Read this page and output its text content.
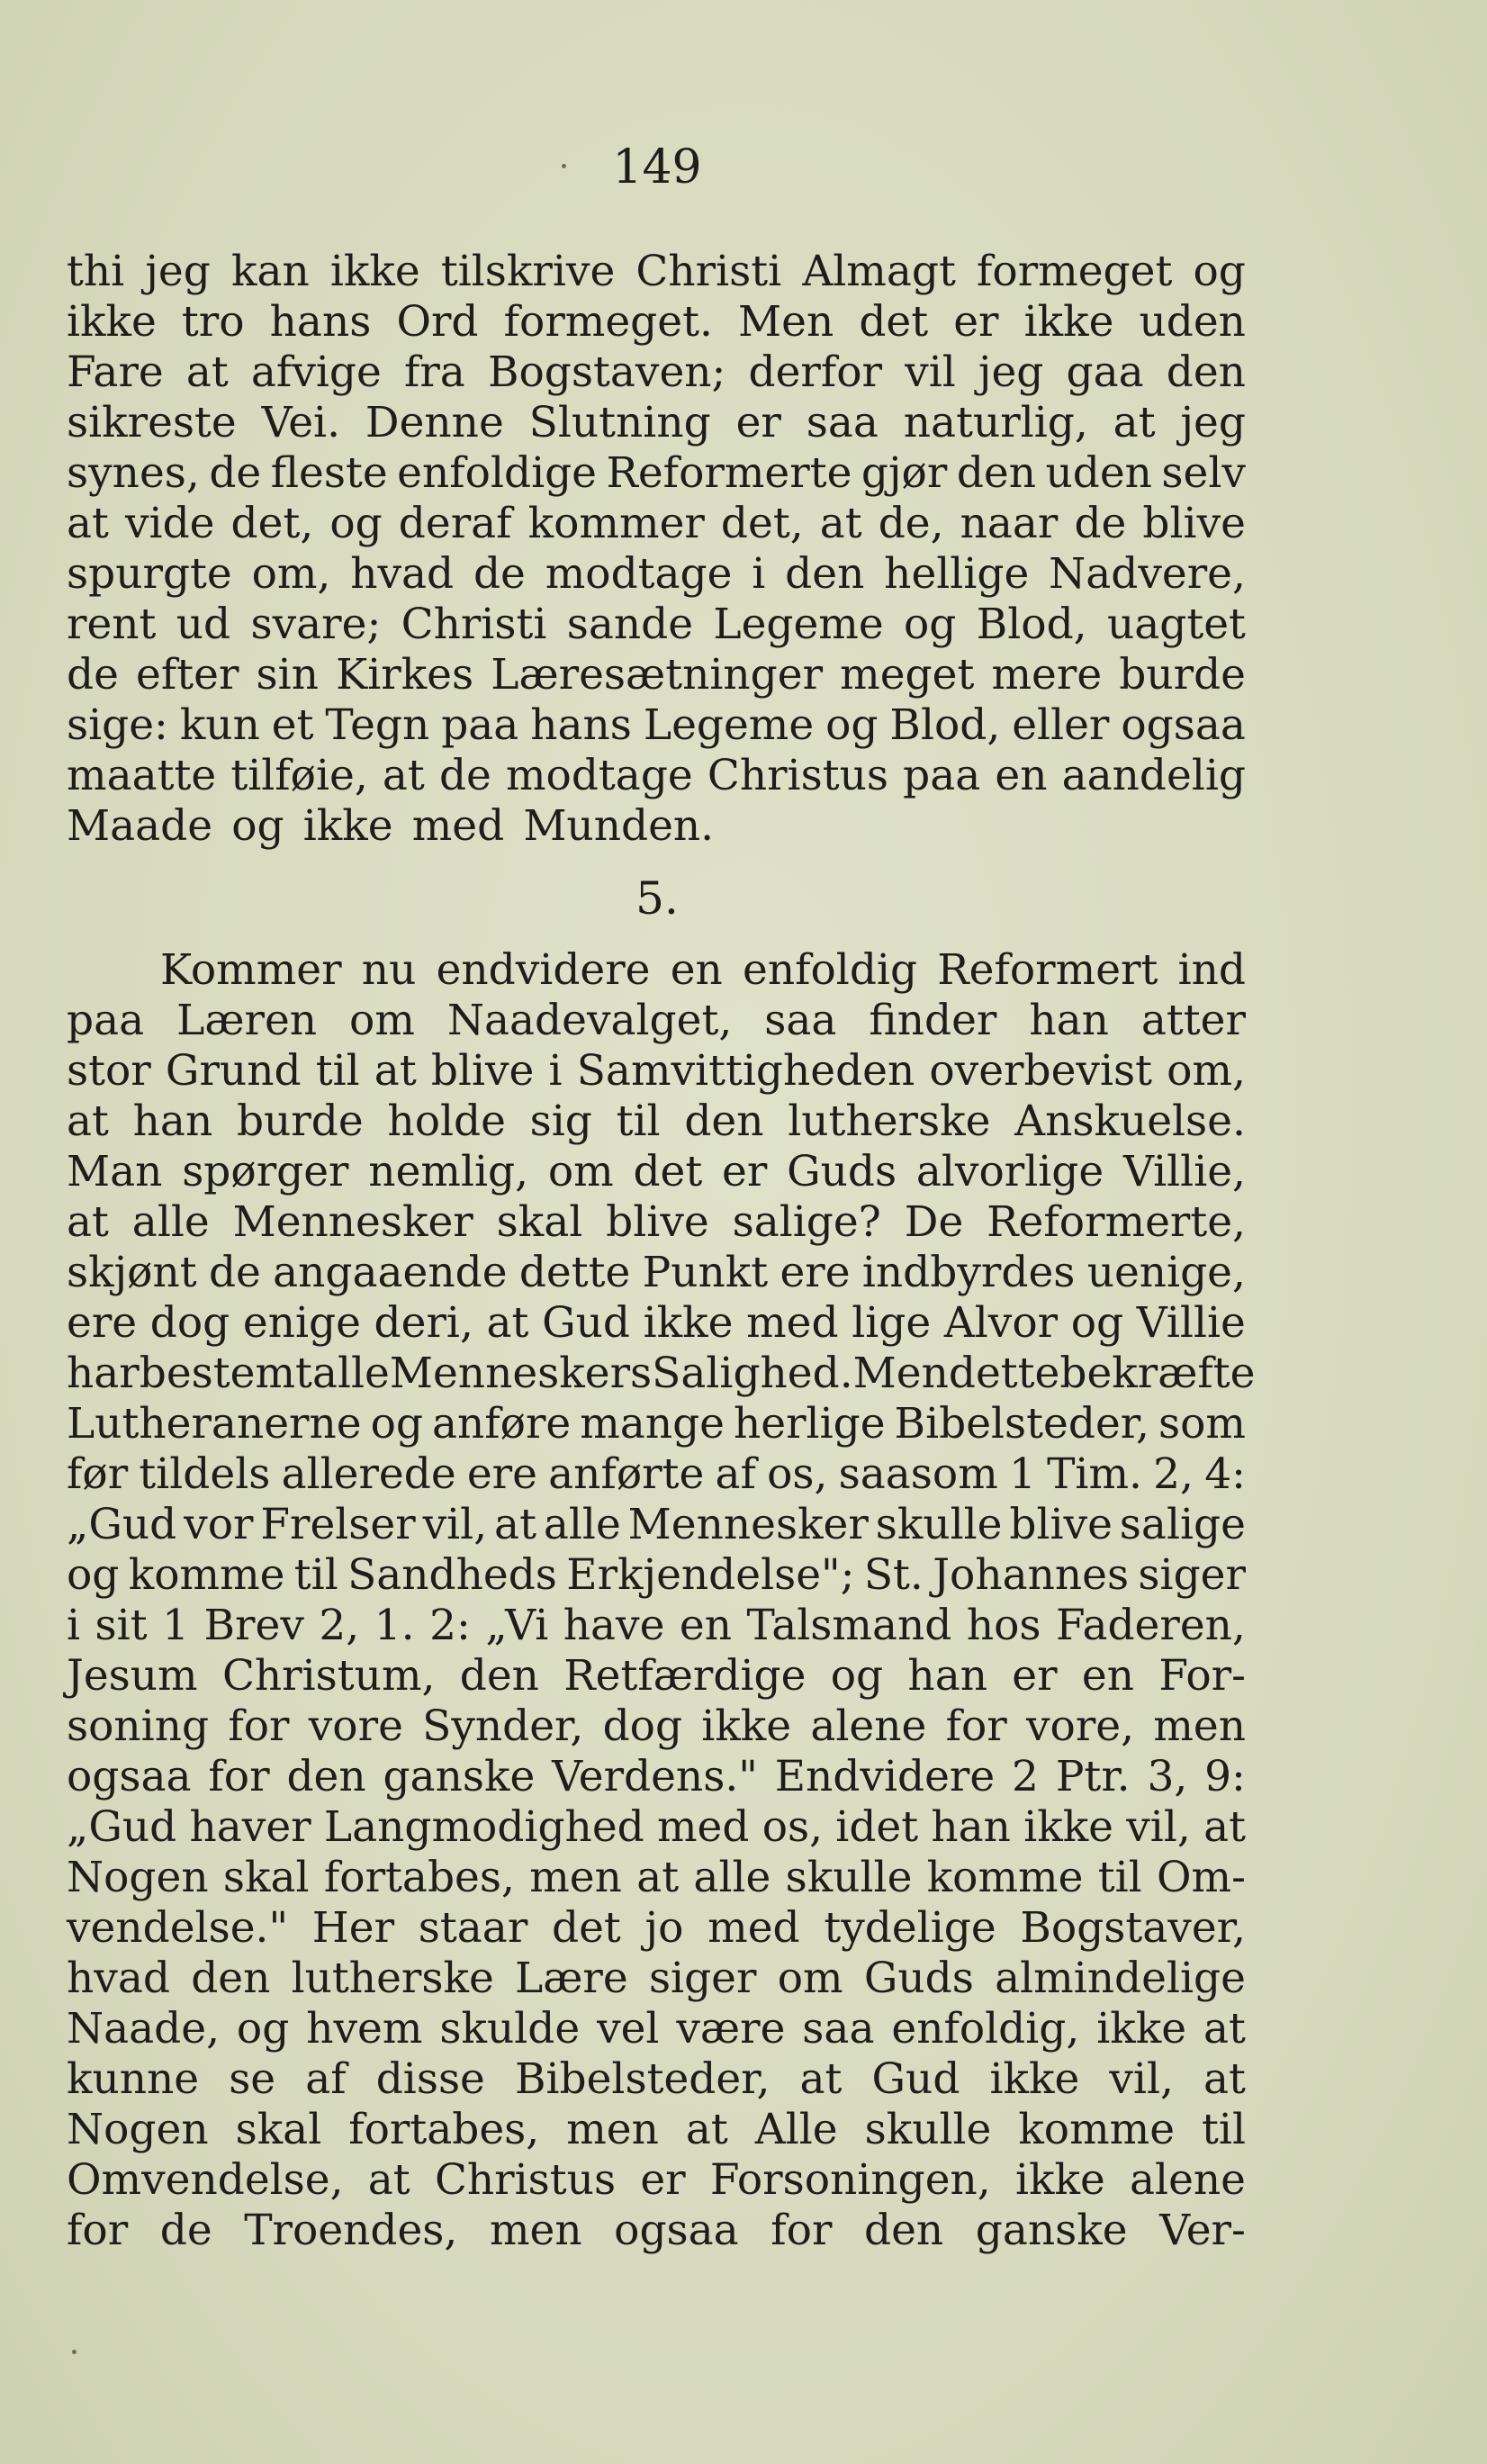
149
thi jeg kan ikke tilskrive Christi Almagt formeget og
ikke tro hans Ord formeget. Men det er ikke uden
Fare at afvige fra Bogstaven; derfor vil jeg gaa den
sikreste Vei. Denne Slutning er saa naturlig, at jeg
synes, de fleste enfoldige Reformerte gjør den uden selv
at vide det, og deraf kommer det, at de, naar de blive
spurgte om, hvad de modtage i den hellige Nadvere,
rent ud svare; Christi sande Legeme og Blod, uagtet
de efter sin Kirkes Læresætninger meget mere burde
sige: kun et Tegn paa hans Legeme og Blod, eller ogsaa
maatte tilføie, at de modtage Christus paa en aandelig
Maade og ikke med Munden.
5.
Kommer nu endvidere en enfoldig Reformert ind
paa Læren om Naadevalget, saa finder han atter
stor Grund til at blive i Samvittigheden overbevist om,
at han burde holde sig til den lutherske Anskuelse.
Man spørger nemlig, om det er Guds alvorlige Villie,
at alle Mennesker skal blive salige? De Reformerte,
skjønt de angaaende dette Punkt ere indbyrdes uenige,
ere dog enige deri, at Gud ikke med lige Alvor og Villie
har bestemt alle Menneskers Salighed. Men dette bekræfte
Lutheranerne og anføre mange herlige Bibelsteder, som
før tildels allerede ere anførte af os, saasom 1 Tim. 2, 4:
„Gud vor Frelser vil, at alle Mennesker skulle blive salige
og komme til Sandheds Erkjendelse"; St. Johannes siger
i sit 1 Brev 2, 1. 2: „Vi have en Talsmand hos Faderen,
Jesum Christum, den Retfærdige og han er en For-
soning for vore Synder, dog ikke alene for vore, men
ogsaa for den ganske Verdens." Endvidere 2 Ptr. 3, 9:
„Gud haver Langmodighed med os, idet han ikke vil, at
Nogen skal fortabes, men at alle skulle komme til Om-
vendelse." Her staar det jo med tydelige Bogstaver,
hvad den lutherske Lære siger om Guds almindelige
Naade, og hvem skulde vel være saa enfoldig, ikke at
kunne se af disse Bibelsteder, at Gud ikke vil, at
Nogen skal fortabes, men at Alle skulle komme til
Omvendelse, at Christus er Forsoningen, ikke alene
for de Troendes, men ogsaa for den ganske Ver-
